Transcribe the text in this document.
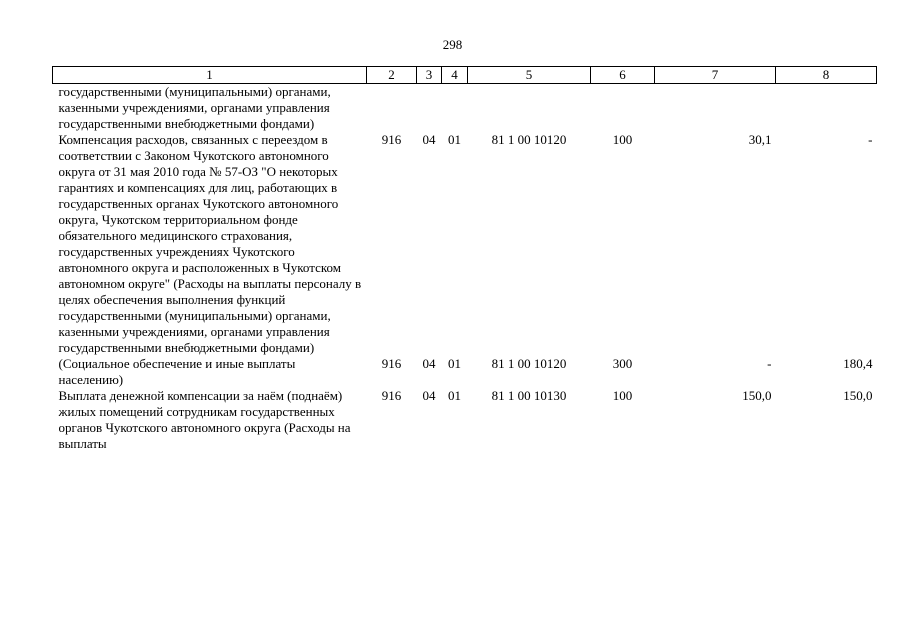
298
1	2	3	4	5	6	7	8
государственными (муниципальными) органами, казенными учреждениями, органами управления государственными внебюджетными фондами)							
Компенсация расходов, связанных с переездом в соответствии с Законом Чукотского автономного округа от 31 мая 2010 года № 57-ОЗ "О некоторых гарантиях и компенсациях для лиц, работающих в государственных органах Чукотского автономного округа, Чукотском территориальном фонде обязательного медицинского страхования, государственных учреждениях Чукотского автономного округа и расположенных в Чукотском автономном округе" (Расходы на выплаты персоналу в целях обеспечения выполнения функций государственными (муниципальными) органами, казенными учреждениями, органами управления государственными внебюджетными фондами)	916	04	01	81 1 00 10120	100	30,1	-
(Социальное обеспечение и иные выплаты населению)	916	04	01	81 1 00 10120	300	-	180,4
Выплата денежной компенсации за наём (поднаём) жилых помещений сотрудникам государственных органов Чукотского автономного округа (Расходы на выплаты	916	04	01	81 1 00 10130	100	150,0	150,0
